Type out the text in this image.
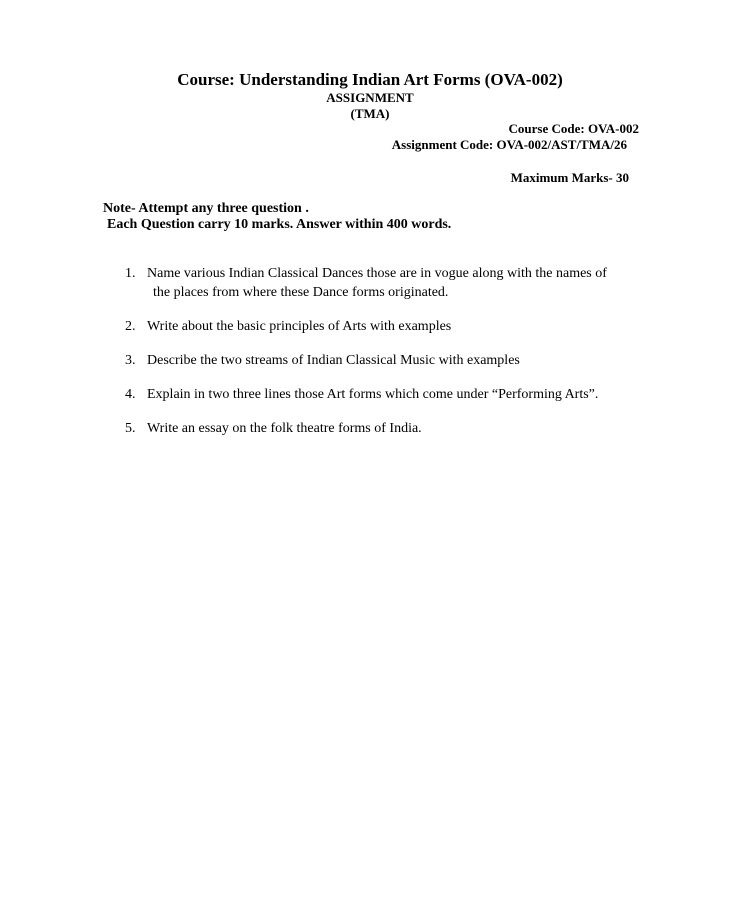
Course: Understanding Indian Art Forms (OVA-002)
ASSIGNMENT
(TMA)
Course Code: OVA-002
Assignment Code: OVA-002/AST/TMA/26
Maximum Marks- 30
Note- Attempt any three question .
Each Question carry 10 marks. Answer within 400 words.
1. Name various Indian Classical Dances those are in vogue along with the names of
the places from where these Dance forms originated.
2. Write about the basic principles of Arts with examples
3. Describe the two streams of Indian Classical Music with examples
4. Explain in two three lines those Art forms which come under “Performing Arts”.
5. Write an essay on the folk theatre forms of India.
